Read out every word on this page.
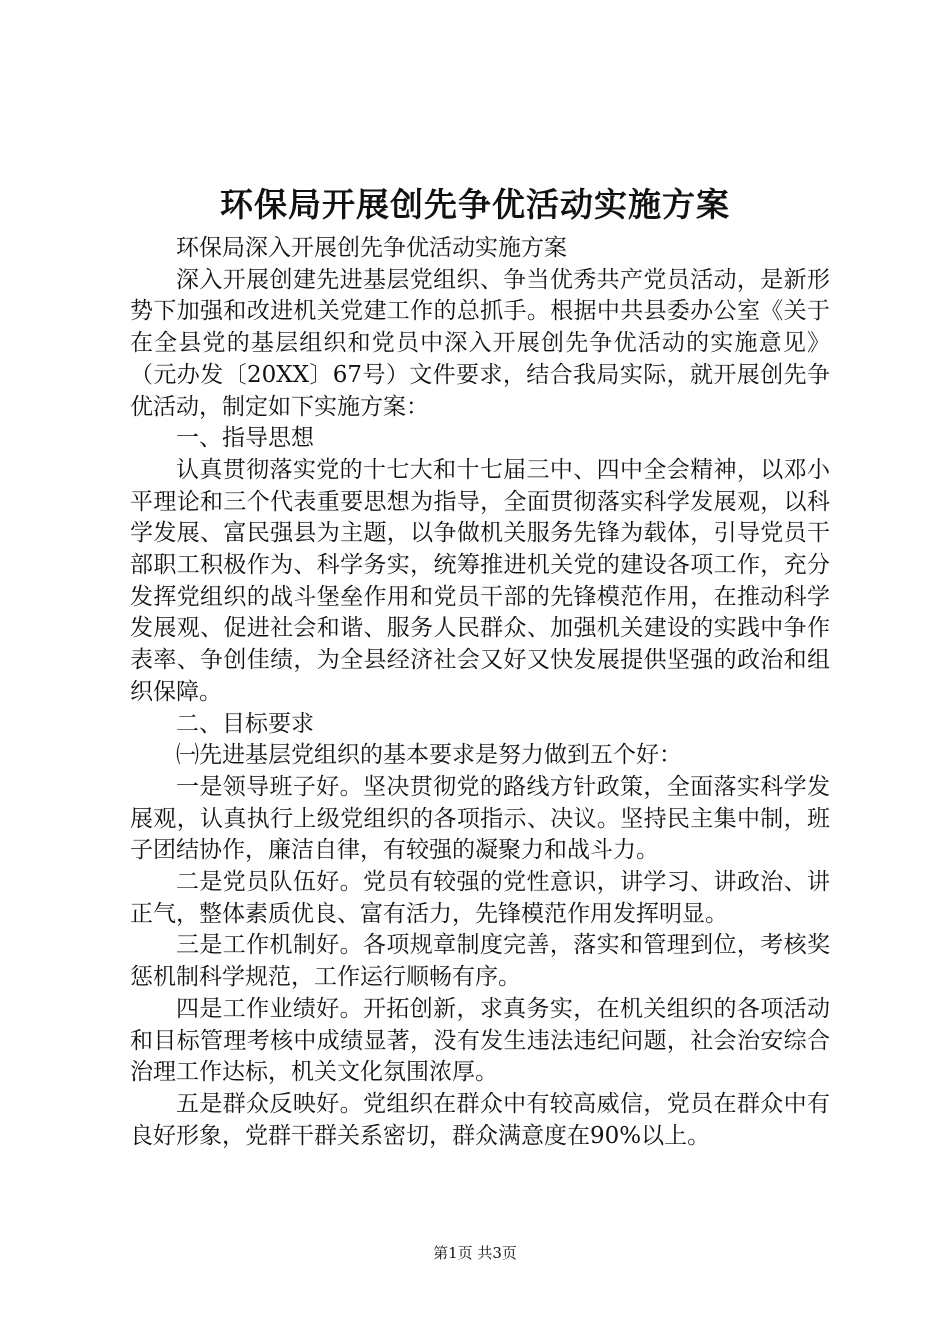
环保局开展创先争优活动实施方案

环保局深入开展创先争优活动实施方案

深入开展创建先进基层党组织、争当优秀共产党员活动，是新形势下加强和改进机关党建工作的总抓手。根据中共县委办公室《关于在全县党的基层组织和党员中深入开展创先争优活动的实施意见》（元办发〔20XX〕67号）文件要求，结合我局实际，就开展创先争优活动，制定如下实施方案：

一、指导思想

认真贯彻落实党的十七大和十七届三中、四中全会精神，以邓小平理论和三个代表重要思想为指导，全面贯彻落实科学发展观，以科学发展、富民强县为主题，以争做机关服务先锋为载体，引导党员干部职工积极作为、科学务实，统筹推进机关党的建设各项工作，充分发挥党组织的战斗堡垒作用和党员干部的先锋模范作用，在推动科学发展观、促进社会和谐、服务人民群众、加强机关建设的实践中争作表率、争创佳绩，为全县经济社会又好又快发展提供坚强的政治和组织保障。

二、目标要求

㈠先进基层党组织的基本要求是努力做到五个好：

一是领导班子好。坚决贯彻党的路线方针政策，全面落实科学发展观，认真执行上级党组织的各项指示、决议。坚持民主集中制，班子团结协作，廉洁自律，有较强的凝聚力和战斗力。

二是党员队伍好。党员有较强的党性意识，讲学习、讲政治、讲正气，整体素质优良、富有活力，先锋模范作用发挥明显。

三是工作机制好。各项规章制度完善，落实和管理到位，考核奖惩机制科学规范，工作运行顺畅有序。

四是工作业绩好。开拓创新，求真务实，在机关组织的各项活动和目标管理考核中成绩显著，没有发生违法违纪问题，社会治安综合治理工作达标，机关文化氛围浓厚。

五是群众反映好。党组织在群众中有较高威信，党员在群众中有良好形象，党群干群关系密切，群众满意度在90%以上。

第1页 共3页
